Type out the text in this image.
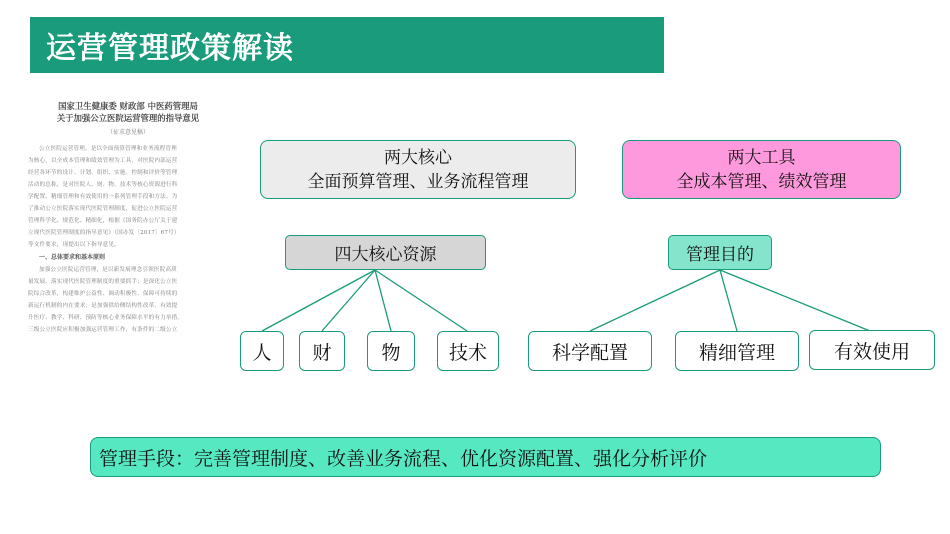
运营管理政策解读
国家卫生健康委 财政部 中医药管理局
关于加强公立医院运营管理的指导意见
（征求意见稿）
公立医院运营管理，是以全面预算管理和业务流程管理
为核心，以全成本管理和绩效管理为工具，对医院内部运营
经营各环节的设计、计划、组织、实施、控制和评价等管理
活动的总称，是对医院人、财、物、技术等核心资源进行科
学配置、精细管理和有效使用的一系列管理手段和方法。为
了推动公立医院落实现代医院管理制度，促进公立医院运营
管理科学化、规范化、精细化，根据《国务院办公厅关于建
立现代医院管理制度的指导意见》（国办发〔2017〕67号）
等文件要求，现提出以下指导意见。
一、总体要求和基本原则
加强公立医院运营管理，是以新发展理念引领医院高质
量发展、落实现代医院管理制度的重要抓手；是深化公立医
院综合改革，构建维护公益性、调动积极性、保障可持续的
新运行机制的内在要求；是加强供给侧结构性改革，有效提
升医疗、教学、科研、预防等核心业务保障水平的有力举措。
三级公立医院应积极加强运营管理工作，有条件的二级公立
两大核心
全面预算管理、业务流程管理
两大工具
全成本管理、绩效管理
四大核心资源	管理目的
人 财	物	技术	科学配置	精细管理	有效使用
管理手段：完善管理制度、改善业务流程、优化资源配置、强化分析评价
